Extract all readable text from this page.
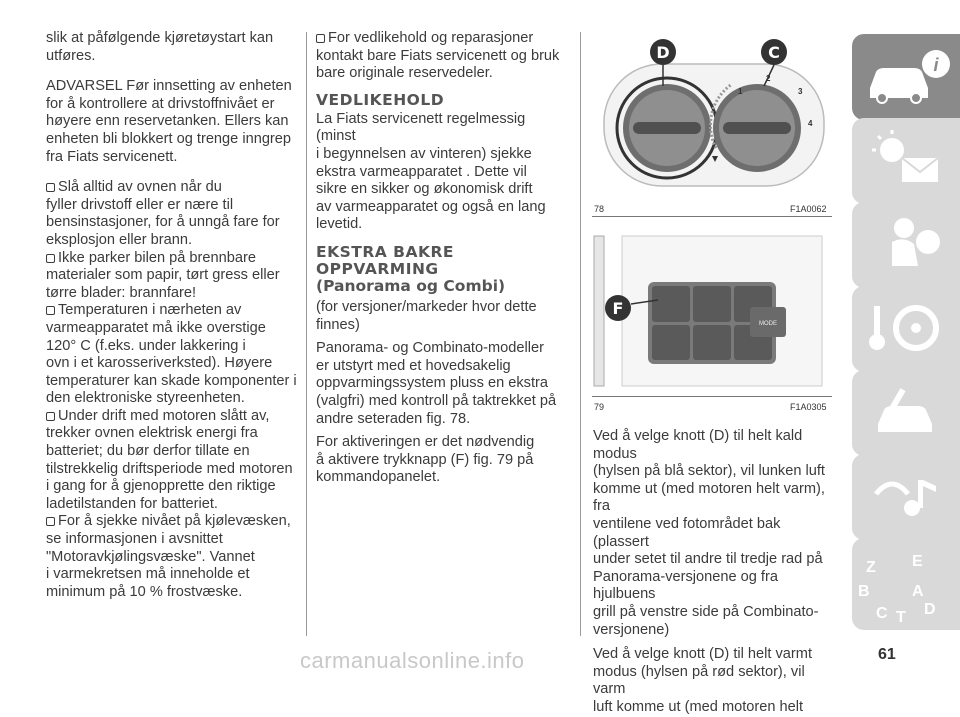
slik at påfølgende kjøretøystart kan
utføres.

ADVARSEL Før innsetting av enheten
for å kontrollere at drivstoffnivået er
høyere enn reservetanken. Ellers kan
enheten bli blokkert og trenge inngrep
fra Fiats servicenett.

Slå alltid av ovnen når du
fyller drivstoff eller er nære til
bensinstasjoner, for å unngå fare for
eksplosjon eller brann.

Ikke parker bilen på brennbare
materialer som papir, tørt gress eller
tørre blader: brannfare!

Temperaturen i nærheten av
varmeapparatet må ikke overstige
120° C (f.eks. under lakkering i
ovn i et karosseriverksted). Høyere
temperaturer kan skade komponenter i
den elektroniske styreenheten.

Under drift med motoren slått av,
trekker ovnen elektrisk energi fra
batteriet; du bør derfor tillate en
tilstrekkelig driftsperiode med motoren
i gang for å gjenopprette den riktige
ladetilstanden for batteriet.

For å sjekke nivået på kjølevæsken,
se informasjonen i avsnittet
"Motoravkjølingsvæske". Vannet
i varmekretsen må inneholde et
minimum på 10 % frostvæske.

For vedlikehold og reparasjoner
kontakt bare Fiats servicenett og bruk
bare originale reservedeler.

VEDLIKEHOLD

La Fiats servicenett regelmessig (minst
i begynnelsen av vinteren) sjekke
ekstra varmeapparatet . Dette vil
sikre en sikker og økonomisk drift
av varmeapparatet og også en lang
levetid.

EKSTRA BAKRE
OPPVARMING
(Panorama og Combi)

(for versjoner/markeder hvor dette
finnes)

Panorama- og Combinato-modeller
er utstyrt med et hovedsakelig
oppvarmingssystem pluss en ekstra
(valgfri) med kontroll på taktrekket på
andre seteraden fig. 78.

For aktiveringen er det nødvendig
å aktivere trykknapp (F) fig. 79 på
kommandopanelet.

D	C
1
2
3
4
78	F1A0062
MODE
F
79	F1A0305

Ved å velge knott (D) til helt kald modus
(hylsen på blå sektor), vil lunken luft
komme ut (med motoren helt varm), fra
ventilene ved fotområdet bak (plassert
under setet til andre til tredje rad på
Panorama-versjonene og fra hjulbuens
grill på venstre side på Combinato-
versjonene)

Ved å velge knott (D) til helt varmt
modus (hylsen på rød sektor), vil varm
luft komme ut (med motoren helt

i
Z E
B	A
C T D
carmanualsonline.info	61
